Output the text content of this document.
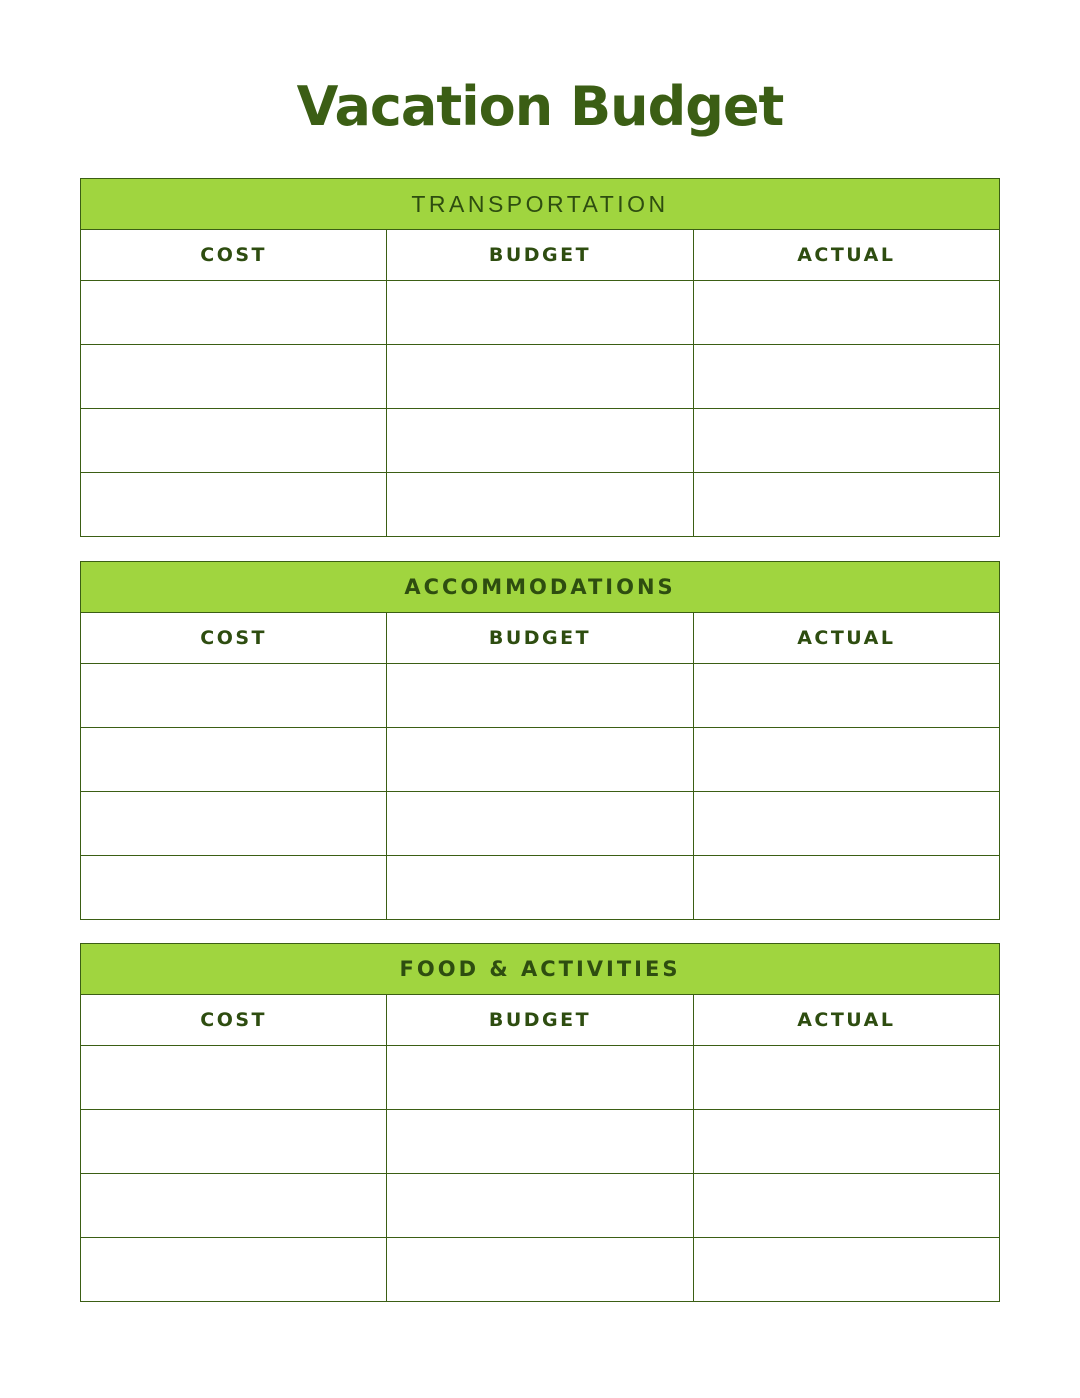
Vacation Budget
TRANSPORTATION
COST	BUDGET	ACTUAL
ACCOMMODATIONS
COST	BUDGET	ACTUAL
FOOD & ACTIVITIES
COST	BUDGET	ACTUAL
